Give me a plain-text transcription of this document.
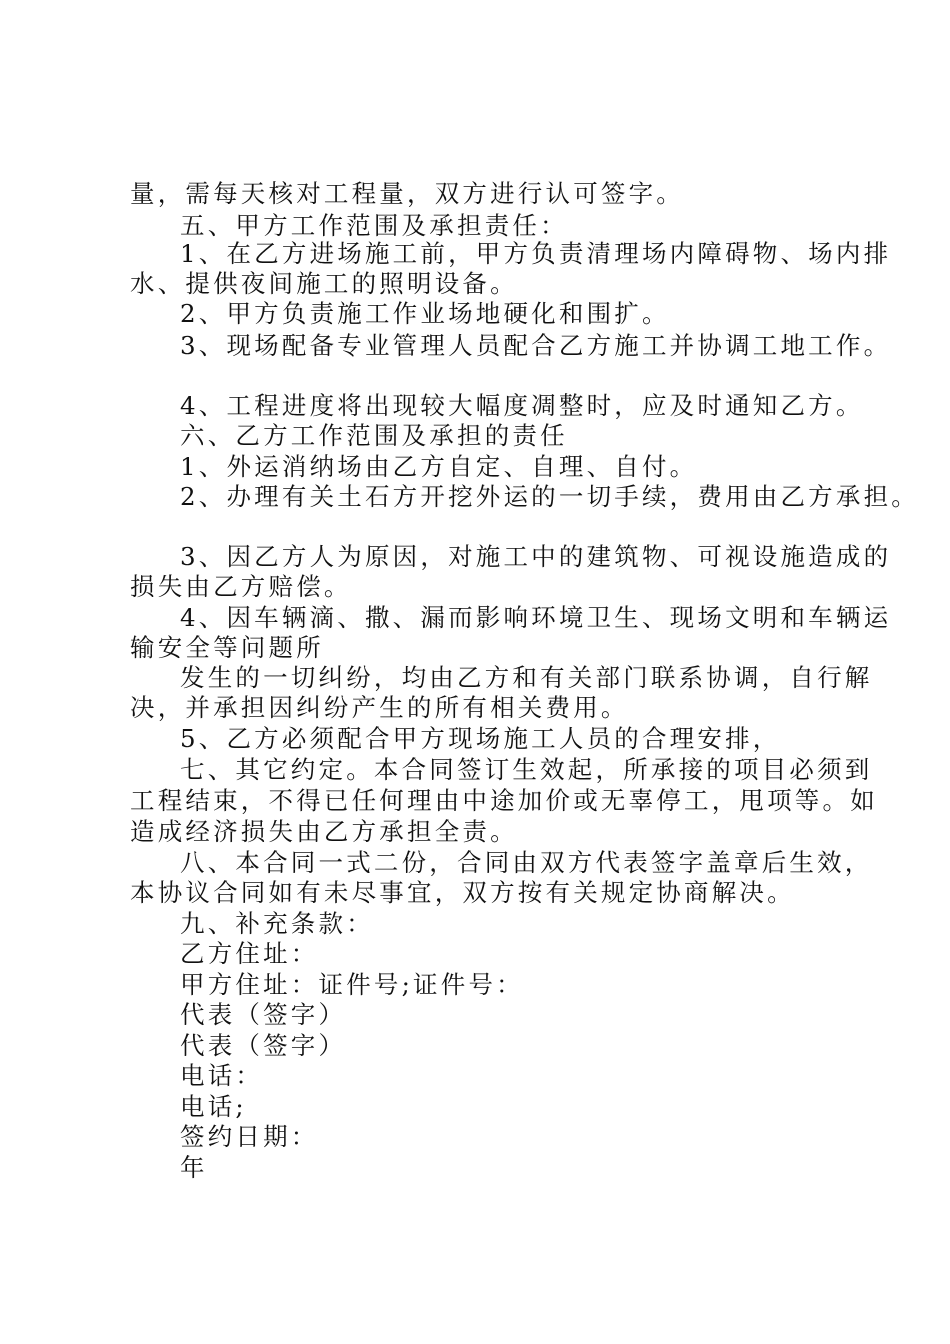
量，需每天核对工程量，双方进行认可签字。
五、甲方工作范围及承担责任：
1、在乙方进场施工前，甲方负责清理场内障碍物、场内排
水、提供夜间施工的照明设备。
2、甲方负责施工作业场地硬化和围扩。
3、现场配备专业管理人员配合乙方施工并协调工地工作。
4、工程进度将出现较大幅度凋整时，应及时通知乙方。
六、乙方工作范围及承担的责任
1、外运消纳场由乙方自定、自理、自付。
2、办理有关土石方开挖外运的一切手续，费用由乙方承担。
3、因乙方人为原因，对施工中的建筑物、可视设施造成的
损失由乙方赔偿。
4、因车辆滴、撒、漏而影响环境卫生、现场文明和车辆运
输安全等问题所
发生的一切纠纷，均由乙方和有关部门联系协调，自行解
决，并承担因纠纷产生的所有相关费用。
5、乙方必须配合甲方现场施工人员的合理安排，
七、其它约定。本合同签订生效起，所承接的项目必须到
工程结束，不得已任何理由中途加价或无辜停工，甩项等。如
造成经济损失由乙方承担全责。
八、本合同一式二份，合同由双方代表签字盖章后生效，
本协议合同如有未尽事宜，双方按有关规定协商解决。
九、补充条款：
乙方住址：
甲方住址：证件号;证件号：
代表（签字）
代表（签字）
电话：
电话;
签约日期：
年
